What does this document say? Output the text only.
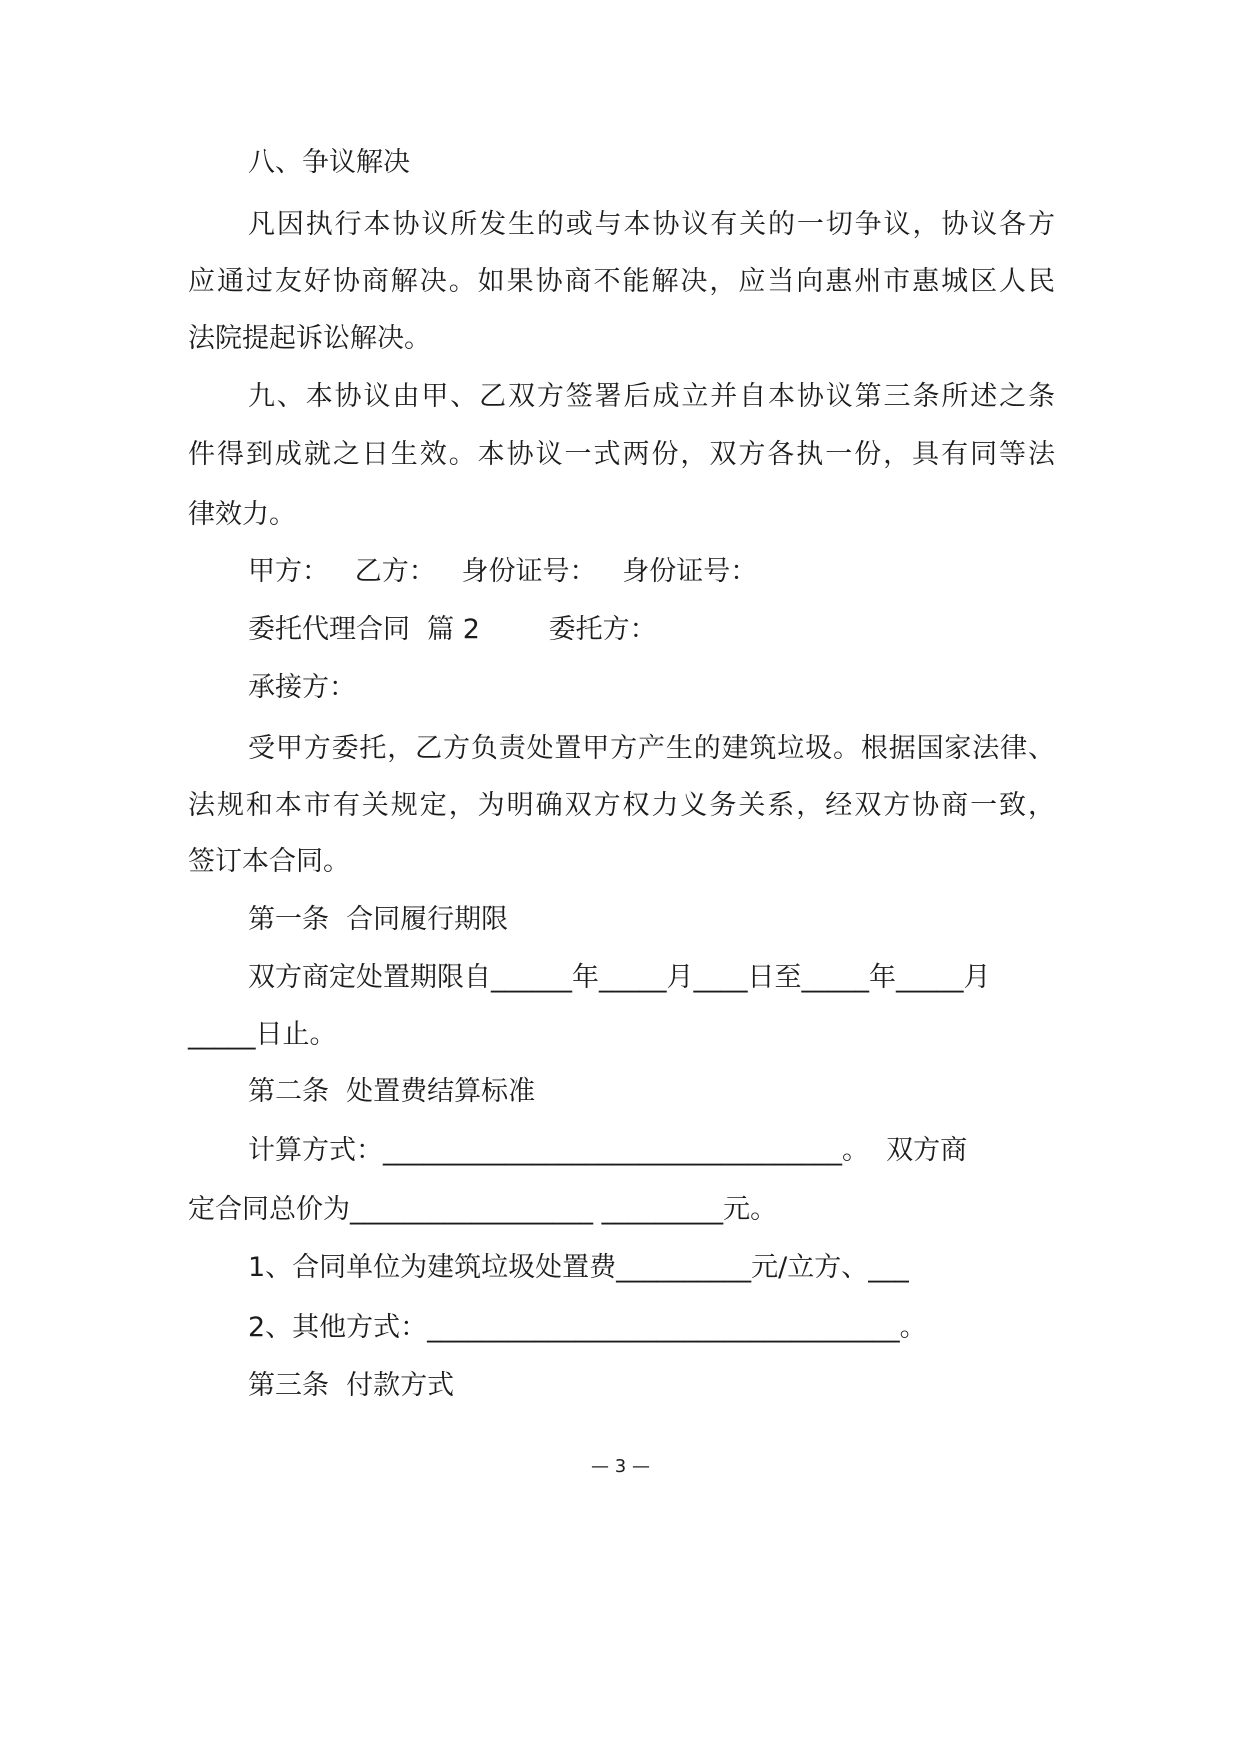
八、争议解决
凡因执行本协议所发生的或与本协议有关的一切争议，协议各方
应通过友好协商解决。如果协商不能解决，应当向惠州市惠城区人民
法院提起诉讼解决。
九、本协议由甲、乙双方签署后成立并自本协议第三条所述之条
件得到成就之日生效。本协议一式两份，双方各执一份，具有同等法
律效力。
甲方：   乙方：   身份证号：   身份证号：
委托代理合同  篇 2        委托方：
承接方：
受甲方委托，乙方负责处置甲方产生的建筑垃圾。根据国家法律、
法规和本市有关规定，为明确双方权力义务关系，经双方协商一致，
签订本合同。
第一条  合同履行期限
双方商定处置期限自______年_____月____日至_____年_____月
_____日止。
第二条  处置费结算标准
计算方式：__________________________________。  双方商
定合同总价为__________________ _________元。
1、合同单位为建筑垃圾处置费__________元/立方、___
2、其他方式：___________________________________。
第三条  付款方式
— 3 —
